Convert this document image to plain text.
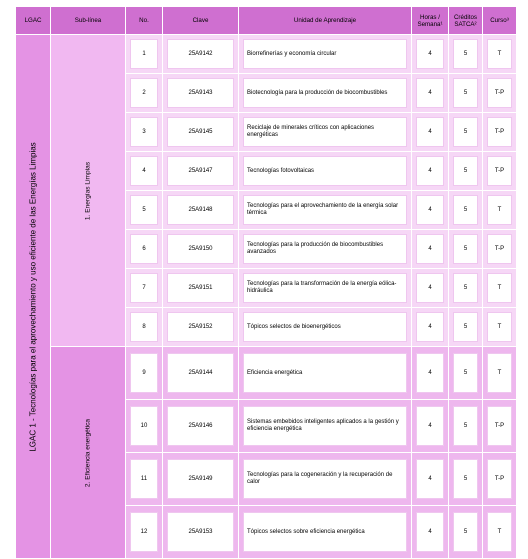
LGAC	Sub-línea	No.	Clave	Unidad de Aprendizaje	Horas /
Semana¹	Créditos
SATCA²	Curso³

LGAC 1 - Tecnologías para el aprovechamiento y uso eficiente de las Energías Limpias	1. Energías Limpias	1	25A9142	Biorrefinerías y economía circular	4	5	T

2	25A9143	Biotecnología para la producción de biocombustibles	4	5	T-P

3	25A9145	Reciclaje de minerales críticos con aplicaciones energéticas	4	5	T-P

4	25A9147	Tecnologías fotovoltaicas	4	5	T-P

5	25A9148	Tecnologías para el aprovechamiento de la energía solar térmica	4	5	T

6	25A9150	Tecnologías para la producción de biocombustibles avanzados	4	5	T-P

7	25A9151	Tecnologías para la transformación de la energía eólica-hidráulica	4	5	T

8	25A9152	Tópicos selectos de bioenergéticos	4	5	T

	2. Eficiencia energética	9	25A9144	Eficiencia energética	4	5	T

10	25A9146	Sistemas embebidos inteligentes aplicados a la gestión y eficiencia energética	4	5	T-P

11	25A9149	Tecnologías para la cogeneración y la recuperación de calor	4	5	T-P

12	25A9153	Tópicos selectos sobre eficiencia energética	4	5	T
